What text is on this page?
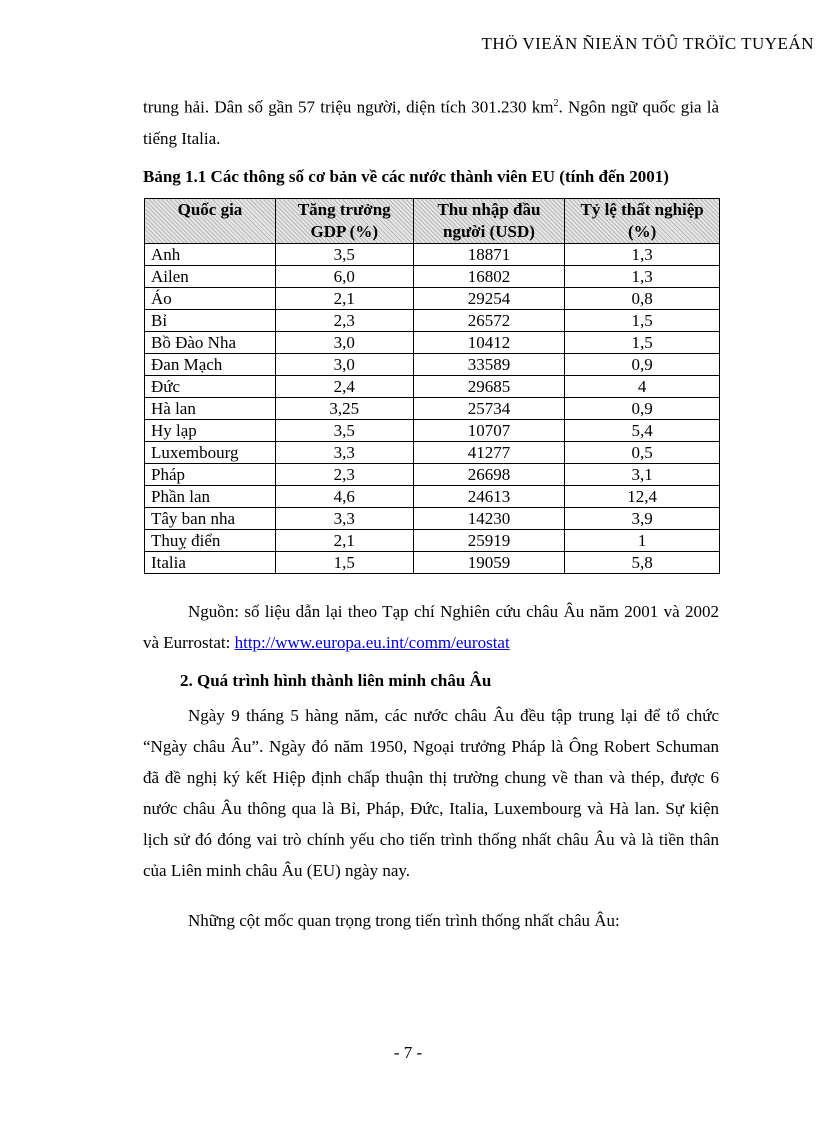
THÖ VIEÄN ÑIEÄN TÖÛ TRÖÏC TUYEÁN

trung hải. Dân số gần 57 triệu người, diện tích 301.230 $km^2$. Ngôn ngữ quốc gia là tiếng Italia.

Bảng 1.1 Các thông số cơ bản về các nước thành viên EU (tính đến 2001)
Quốc gia	Tăng trưởng GDP (%)	Thu nhập đầu người (USD)	Tỷ lệ thất nghiệp (%)
Anh	3,5	18871	1,3
Ailen	6,0	16802	1,3
Áo	2,1	29254	0,8
Bỉ	2,3	26572	1,5
Bồ Đào Nha	3,0	10412	1,5
Đan Mạch	3,0	33589	0,9
Đức	2,4	29685	4
Hà lan	3,25	25734	0,9
Hy lạp	3,5	10707	5,4
Luxembourg	3,3	41277	0,5
Pháp	2,3	26698	3,1
Phần lan	4,6	24613	12,4
Tây ban nha	3,3	14230	3,9
Thuỵ điển	2,1	25919	1
Italia	1,5	19059	5,8

Nguồn: số liệu dẫn lại theo Tạp chí Nghiên cứu châu Âu năm 2001 và 2002 và Eurrostat: http://www.europa.eu.int/comm/eurostat

2. Quá trình hình thành liên minh châu Âu

Ngày 9 tháng 5 hàng năm, các nước châu Âu đều tập trung lại để tổ chức “Ngày châu Âu”. Ngày đó năm 1950, Ngoại trưởng Pháp là Ông Robert Schuman đã đề nghị ký kết Hiệp định chấp thuận thị trường chung về than và thép, được 6 nước châu Âu thông qua là Bỉ, Pháp, Đức, Italia, Luxembourg và Hà lan. Sự kiện lịch sử đó đóng vai trò chính yếu cho tiến trình thống nhất châu Âu và là tiền thân của Liên minh châu Âu (EU) ngày nay.

Những cột mốc quan trọng trong tiến trình thống nhất châu Âu:

- 7 -
